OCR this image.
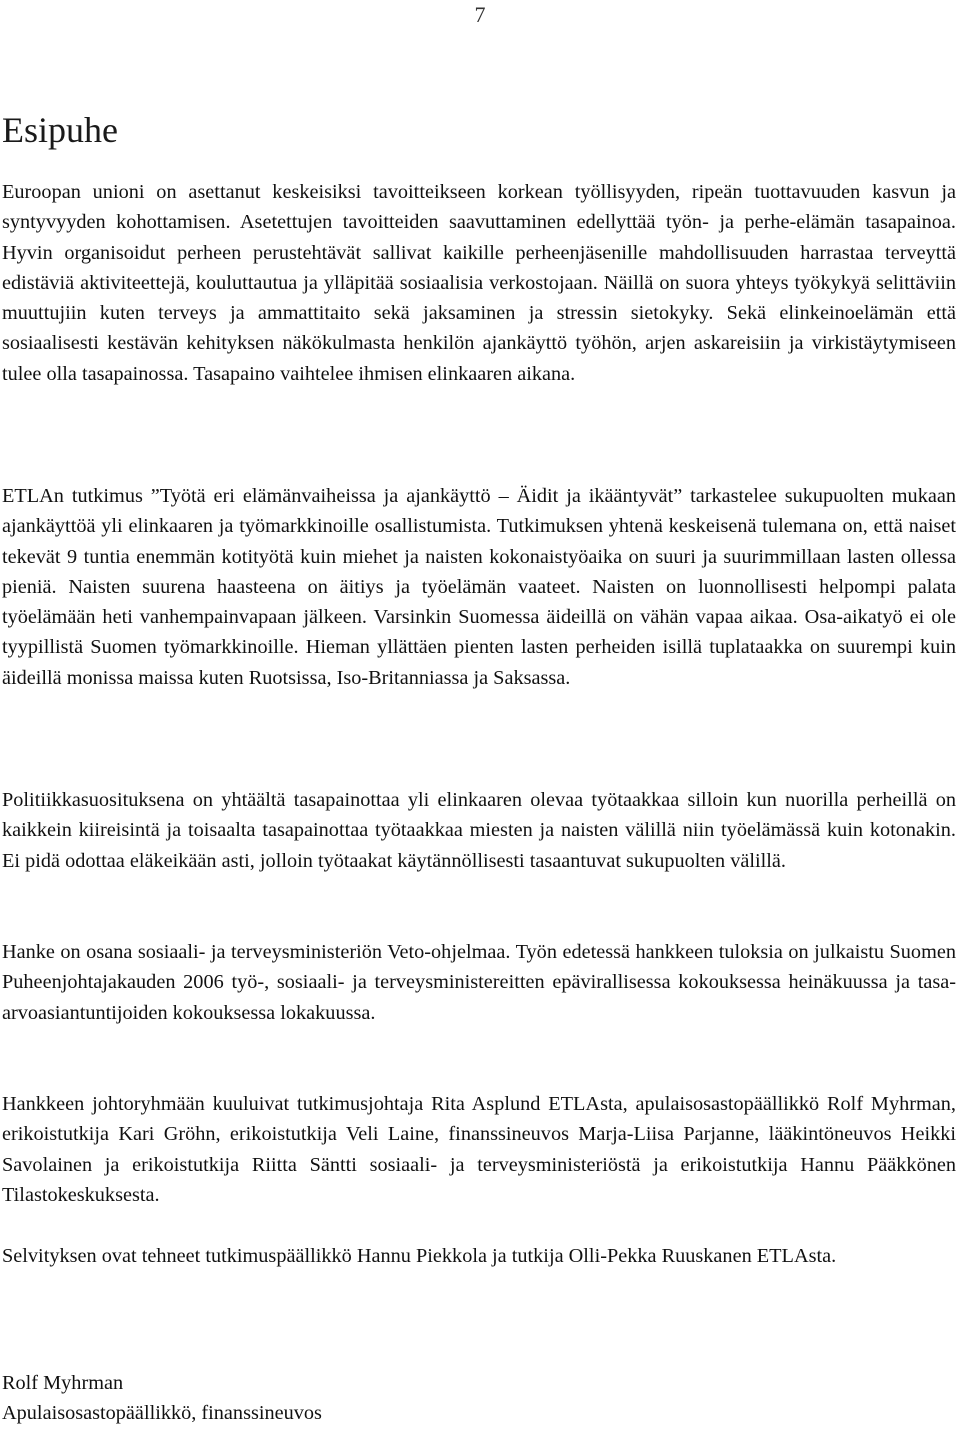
7
Esipuhe

Euroopan unioni on asettanut keskeisiksi tavoitteikseen korkean työllisyyden, ripeän tuottavuuden kasvun ja syntyvyyden kohottamisen. Asetettujen tavoitteiden saavuttaminen edellyttää työn- ja perhe-elämän tasapainoa. Hyvin organisoidut perheen perustehtävät sallivat kaikille perheenjäsenille mahdollisuuden harrastaa terveyttä edistäviä aktiviteettejä, kouluttautua ja ylläpitää sosiaalisia verkostojaan. Näillä on suora yhteys työkykyä selittäviin muuttujiin kuten terveys ja ammattitaito sekä jaksaminen ja stressin sietokyky. Sekä elinkeinoelämän että sosiaalisesti kestävän kehityksen näkökulmasta henkilön ajankäyttö työhön, arjen askareisiin ja virkistäytymiseen tulee olla tasapainossa. Tasapaino vaihtelee ihmisen elinkaaren aikana.

ETLAn tutkimus ”Työtä eri elämänvaiheissa ja ajankäyttö – Äidit ja ikääntyvät” tarkastelee sukupuolten mukaan ajankäyttöä yli elinkaaren ja työmarkkinoille osallistumista. Tutkimuksen yhtenä keskeisenä tulemana on, että naiset tekevät 9 tuntia enemmän kotityötä kuin miehet ja naisten kokonaistyöaika on suuri ja suurimmillaan lasten ollessa pieniä. Naisten suurena haasteena on äitiys ja työelämän vaateet. Naisten on luonnollisesti helpompi palata työelämään heti vanhempainvapaan jälkeen. Varsinkin Suomessa äideillä on vähän vapaa aikaa. Osa-aikatyö ei ole tyypillistä Suomen työmarkkinoille. Hieman yllättäen pienten lasten perheiden isillä tuplataakka on suurempi kuin äideillä monissa maissa kuten Ruotsissa, Iso-Britanniassa ja Saksassa.

Politiikkasuosituksena on yhtäältä tasapainottaa yli elinkaaren olevaa työtaakkaa silloin kun nuorilla perheillä on kaikkein kiireisintä ja toisaalta tasapainottaa työtaakkaa miesten ja naisten välillä niin työelämässä kuin kotonakin. Ei pidä odottaa eläkeikään asti, jolloin työtaakat käytännöllisesti tasaantuvat sukupuolten välillä.

Hanke on osana sosiaali- ja terveysministeriön Veto-ohjelmaa. Työn edetessä hankkeen tuloksia on julkaistu Suomen Puheenjohtajakauden 2006 työ-, sosiaali- ja terveysministereitten epävirallisessa kokouksessa heinäkuussa ja tasa-arvoasiantuntijoiden kokouksessa lokakuussa.

Hankkeen johtoryhmään kuuluivat tutkimusjohtaja Rita Asplund ETLAsta, apulaisosastopäällikkö Rolf Myhrman, erikoistutkija Kari Gröhn, erikoistutkija Veli Laine, finanssineuvos Marja-Liisa Parjanne, lääkintöneuvos Heikki Savolainen ja erikoistutkija Riitta Säntti sosiaali- ja terveysministeriöstä ja erikoistutkija Hannu Pääkkönen Tilastokeskuksesta.

Selvityksen ovat tehneet tutkimuspäällikkö Hannu Piekkola ja tutkija Olli-Pekka Ruuskanen ETLAsta.

Rolf Myhrman
Apulaisosastopäällikkö, finanssineuvos
